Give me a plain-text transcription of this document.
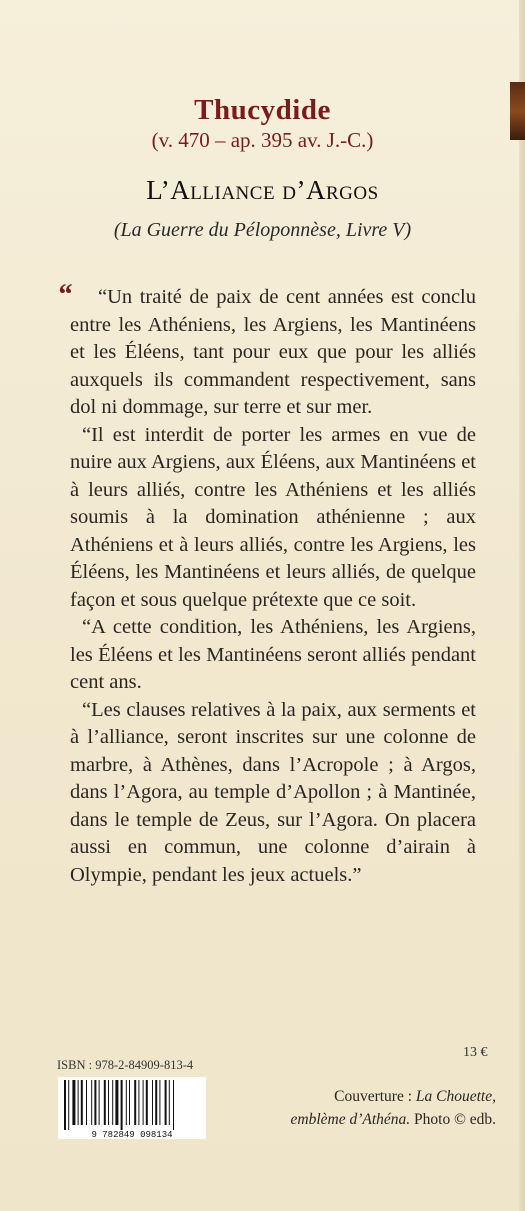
Thucydide
(v. 470 – ap. 395 av. J.-C.)
L’Alliance d’Argos
(La Guerre du Péloponnèse, Livre V)
“	“Un traité de paix de cent années est conclu entre les Athéniens, les Argiens, les Mantinéens et les Éléens, tant pour eux que pour les alliés auxquels ils commandent respectivement, sans dol ni dommage, sur terre et sur mer.

“Il est interdit de porter les armes en vue de nuire aux Argiens, aux Éléens, aux Mantinéens et à leurs alliés, contre les Athéniens et les alliés soumis à la domination athénienne ; aux Athéniens et à leurs alliés, contre les Argiens, les Éléens, les Mantinéens et leurs alliés, de quelque façon et sous quelque prétexte que ce soit.

“A cette condition, les Athéniens, les Argiens, les Éléens et les Mantinéens seront alliés pendant cent ans.

“Les clauses relatives à la paix, aux serments et à l’alliance, seront inscrites sur une colonne de marbre, à Athènes, dans l’Acropole ; à Argos, dans l’Agora, au temple d’Apollon ; à Mantinée, dans le temple de Zeus, sur l’Agora. On placera aussi en commun, une colonne d’airain à Olympie, pendant les jeux actuels.”

ISBN : 978-2-84909-813-4
9 782849 098134
13 €
Couverture : La Chouette,
emblème d’Athéna. Photo © edb.
